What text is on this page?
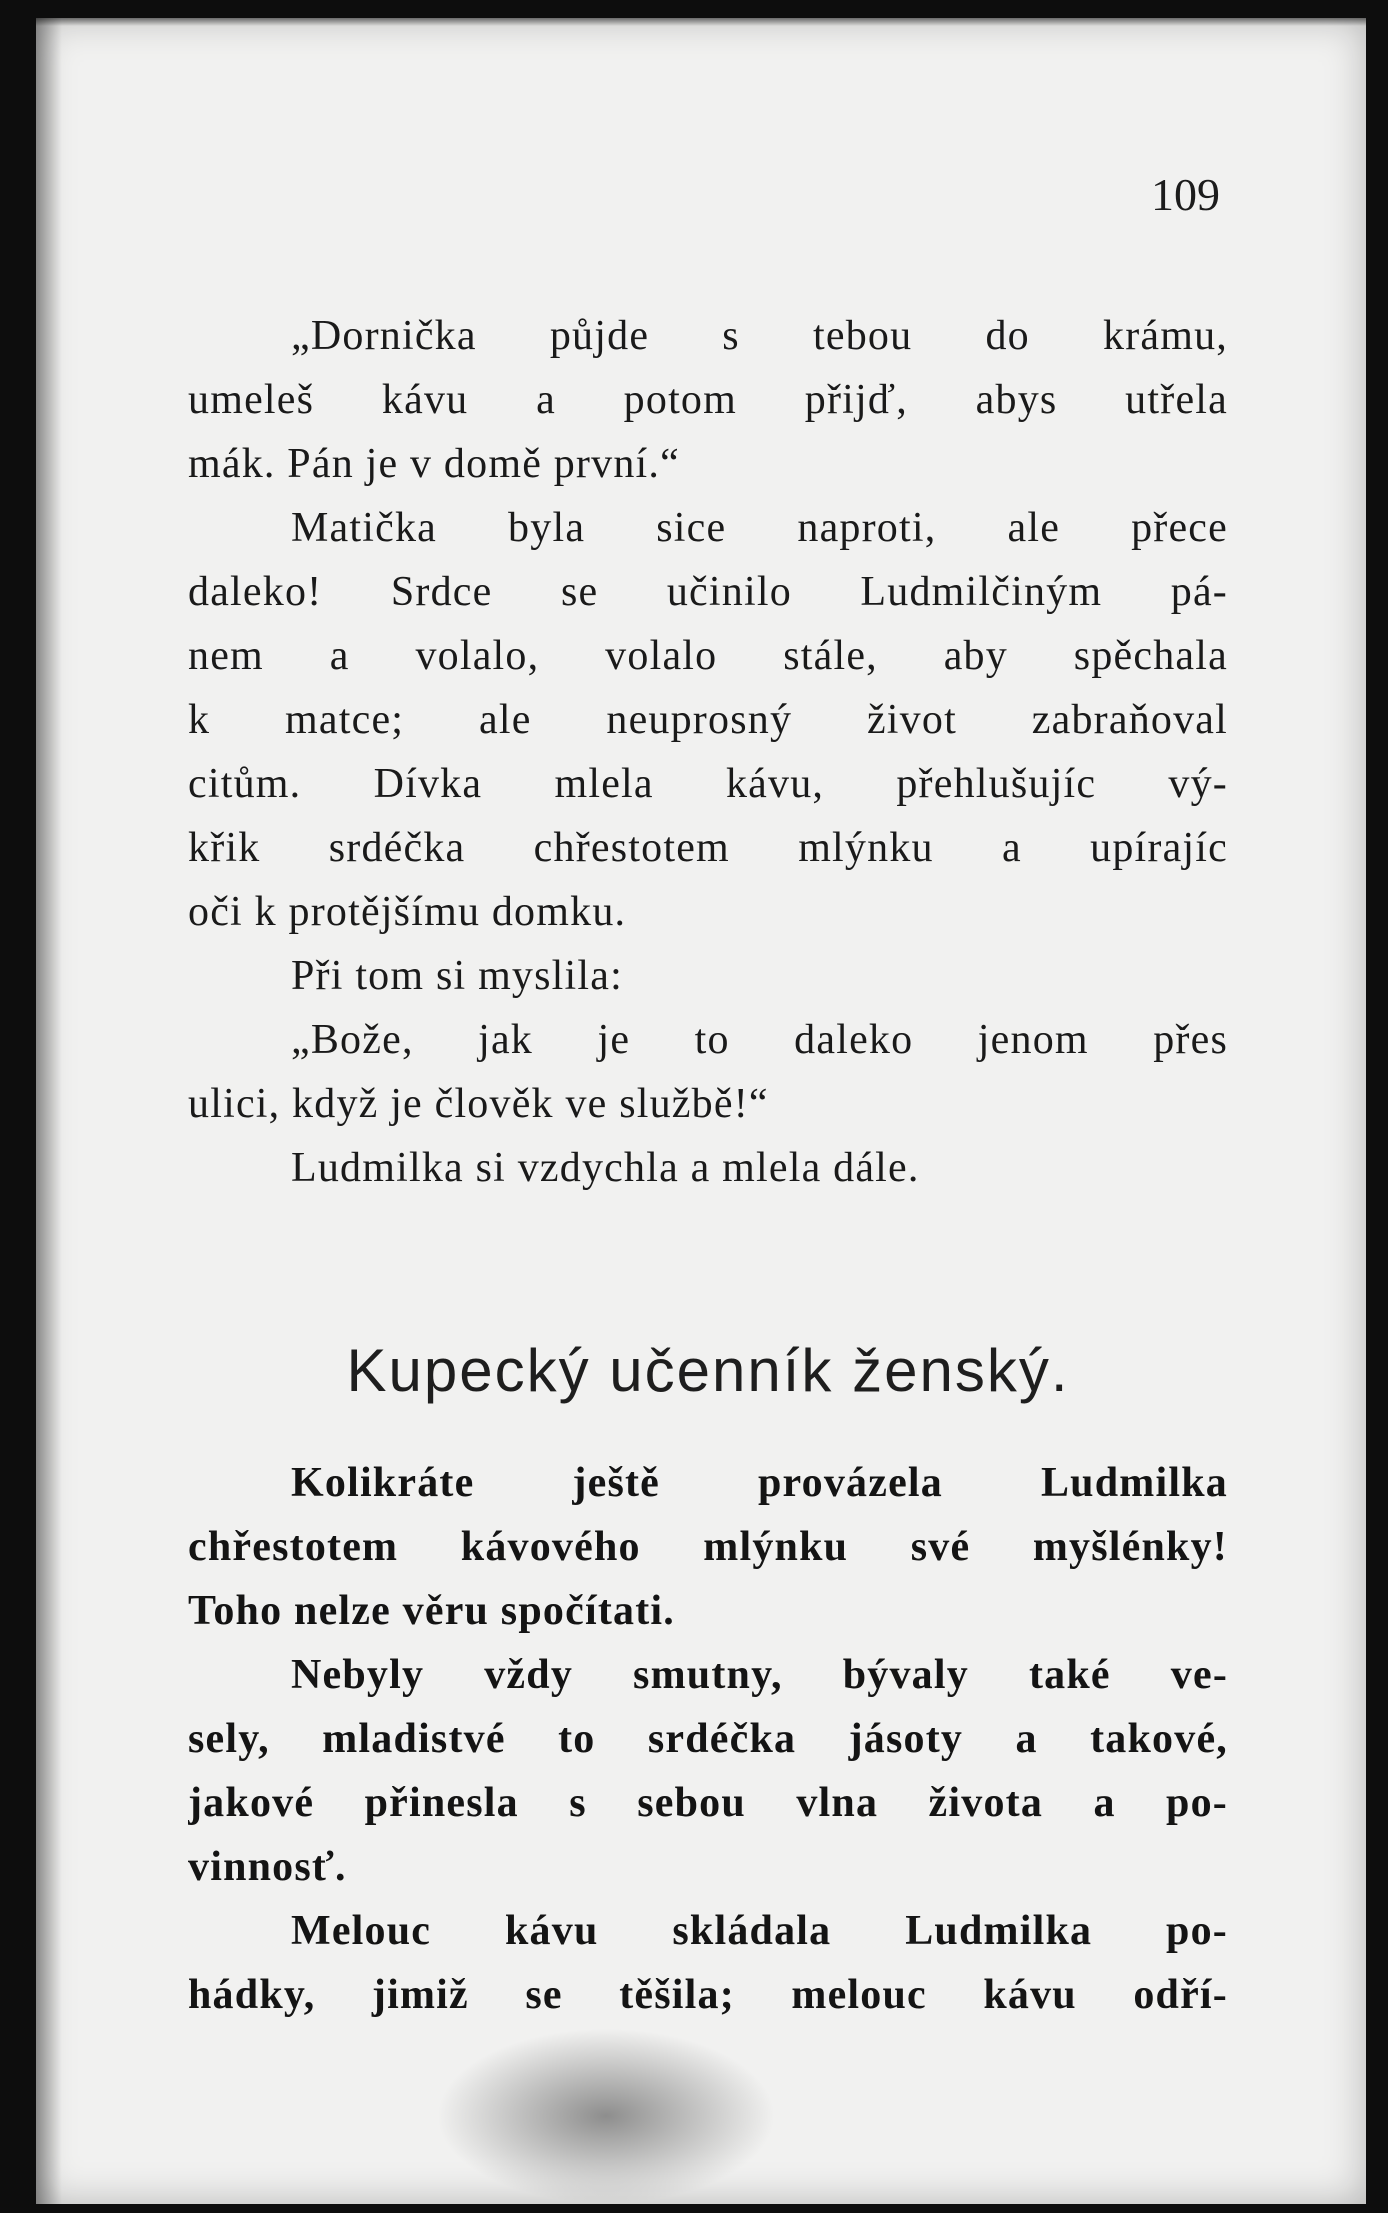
109
„Dornička půjde s tebou do krámu,
umeleš kávu a potom přijď, abys utřela
mák. Pán je v domě první.“
Matička byla sice naproti, ale přece
daleko! Srdce se učinilo Ludmilčiným pá-
nem a volalo, volalo stále, aby spěchala
k matce; ale neuprosný život zabraňoval
citům. Dívka mlela kávu, přehlušujíc vý-
křik srdéčka chřestotem mlýnku a upírajíc
oči k protějšímu domku.
Při tom si myslila:
„Bože, jak je to daleko jenom přes
ulici, když je člověk ve službě!“
Ludmilka si vzdychla a mlela dále.
Kupecký učenník ženský.
Kolikráte ještě provázela Ludmilka
chřestotem kávového mlýnku své myšlénky!
Toho nelze věru spočítati.
Nebyly vždy smutny, bývaly také ve-
sely, mladistvé to srdéčka jásoty a takové,
jakové přinesla s sebou vlna života a po-
vinnosť.
Melouc kávu skládala Ludmilka po-
hádky, jimiž se těšila; melouc kávu odří-
